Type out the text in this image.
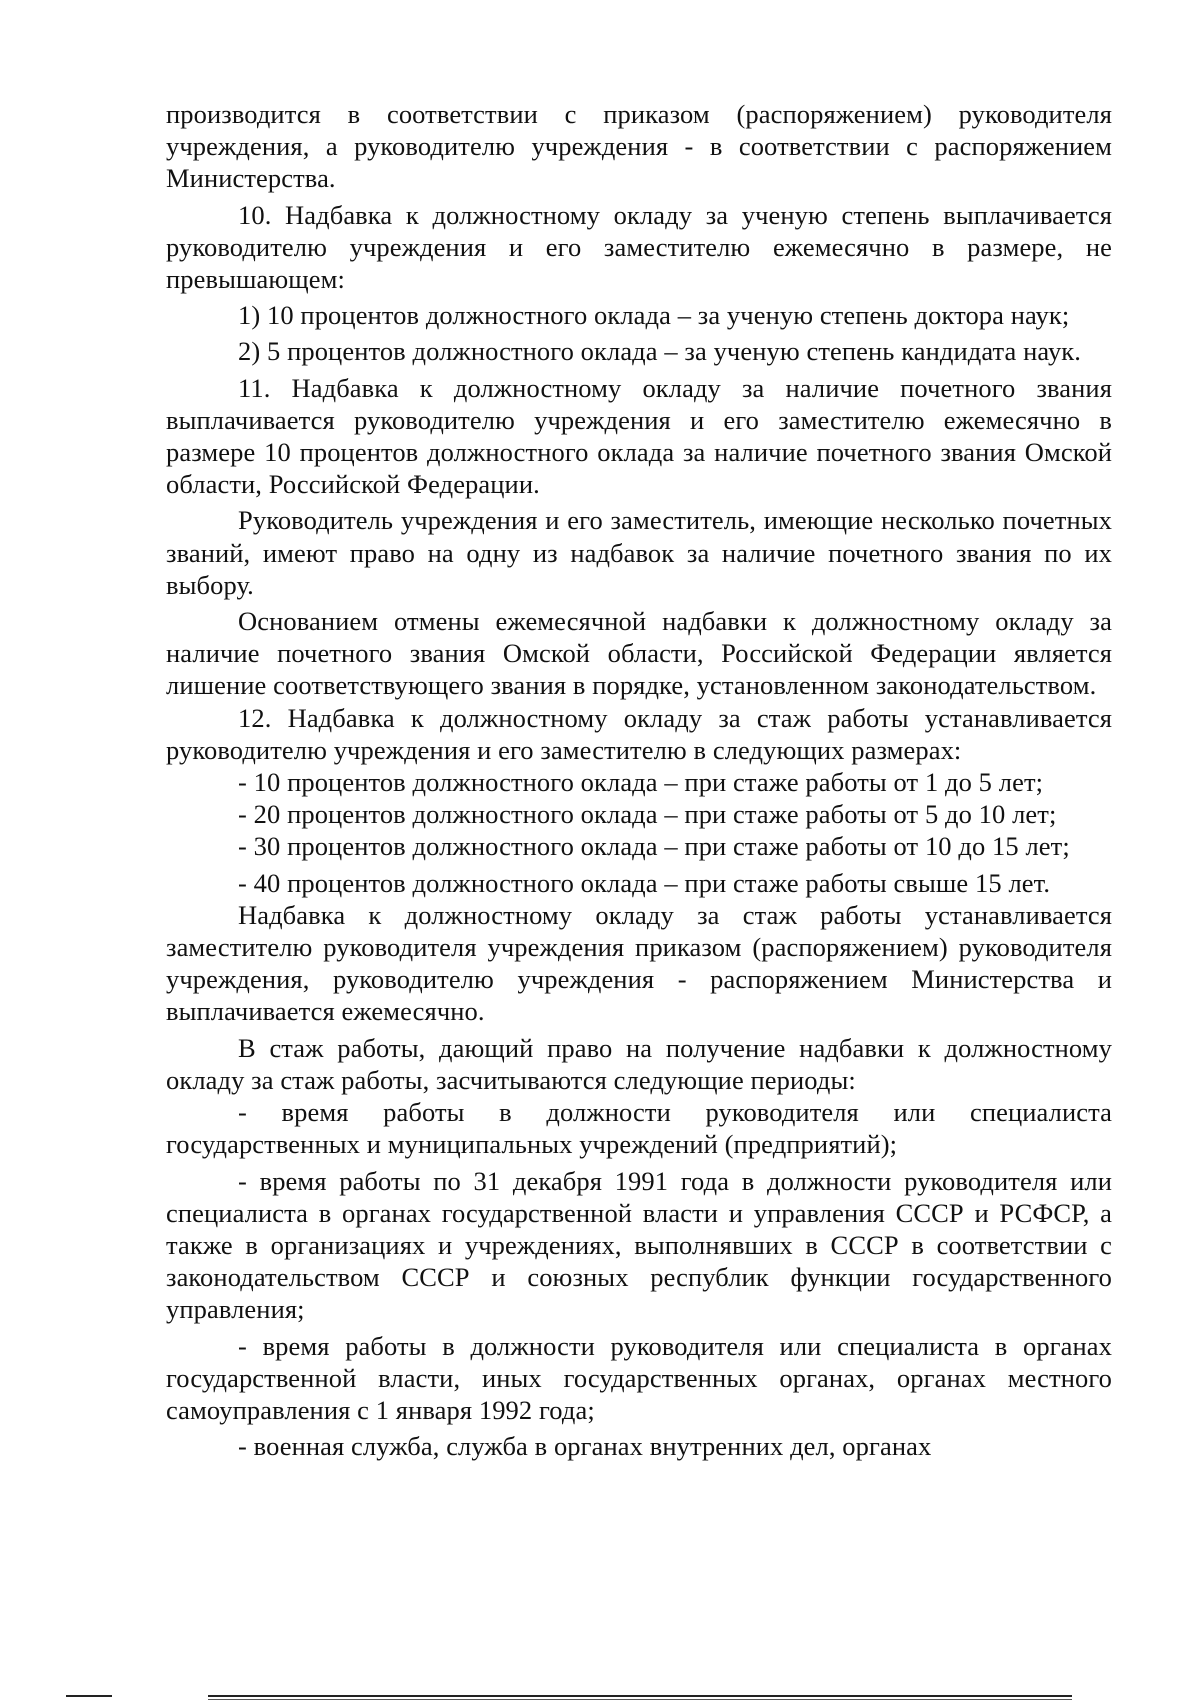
производится в соответствии с приказом (распоряжением) руководителя учреждения, а руководителю учреждения - в соответствии с распоряжением Министерства.

10. Надбавка к должностному окладу за ученую степень выплачивается руководителю учреждения и его заместителю ежемесячно в размере, не превышающем:

1) 10 процентов должностного оклада – за ученую степень доктора наук;

2) 5 процентов должностного оклада – за ученую степень кандидата наук.

11. Надбавка к должностному окладу за наличие почетного звания выплачивается руководителю учреждения и его заместителю ежемесячно в размере 10 процентов должностного оклада за наличие почетного звания Омской области, Российской Федерации.

Руководитель учреждения и его заместитель, имеющие несколько почетных званий, имеют право на одну из надбавок за наличие почетного звания по их выбору.

Основанием отмены ежемесячной надбавки к должностному окладу за наличие почетного звания Омской области, Российской Федерации является лишение соответствующего звания в порядке, установленном законодательством.

12. Надбавка к должностному окладу за стаж работы устанавливается руководителю учреждения и его заместителю в следующих размерах:

- 10 процентов должностного оклада – при стаже работы от 1 до 5 лет;

- 20 процентов должностного оклада – при стаже работы от 5 до 10 лет;

- 30 процентов должностного оклада – при стаже работы от 10 до 15 лет;

- 40 процентов должностного оклада – при стаже работы свыше 15 лет.

Надбавка к должностному окладу за стаж работы устанавливается заместителю руководителя учреждения приказом (распоряжением) руководителя учреждения, руководителю учреждения - распоряжением Министерства и выплачивается ежемесячно.

В стаж работы, дающий право на получение надбавки к должностному окладу за стаж работы, засчитываются следующие периоды:

- время работы в должности руководителя или специалиста государственных и муниципальных учреждений (предприятий);

- время работы по 31 декабря 1991 года в должности руководителя или специалиста в органах государственной власти и управления СССР и РСФСР, а также в организациях и учреждениях, выполнявших в СССР в соответствии с законодательством СССР и союзных республик функции государственного управления;

- время работы в должности руководителя или специалиста в органах государственной власти, иных государственных органах, органах местного самоуправления с 1 января 1992 года;

- военная служба, служба в органах внутренних дел, органах
